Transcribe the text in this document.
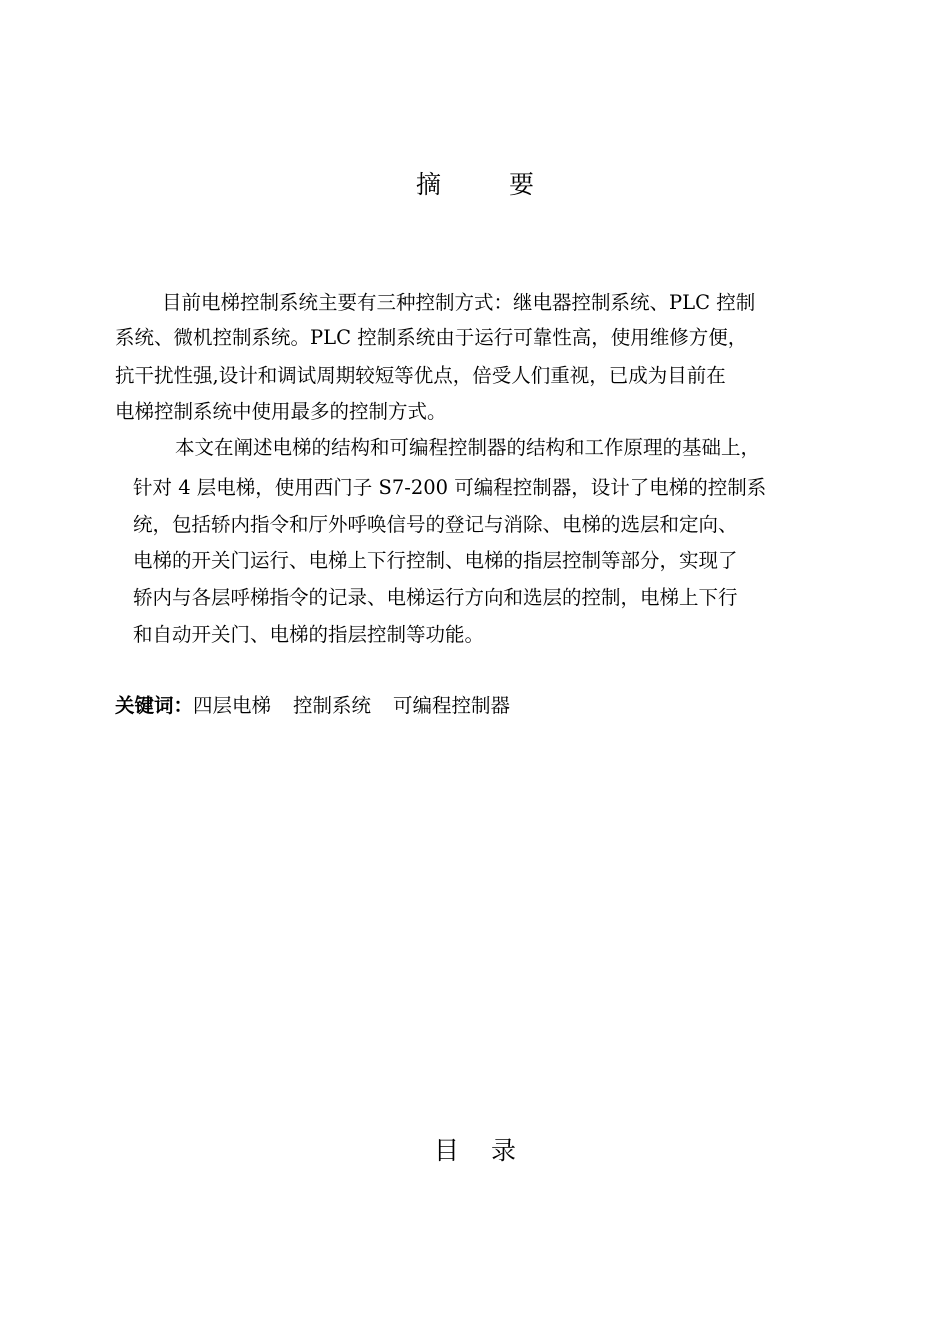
摘 要
目前电梯控制系统主要有三种控制方式：继电器控制系统、PLC 控制
系统、微机控制系统。PLC 控制系统由于运行可靠性高，使用维修方便，
抗干扰性强,设计和调试周期较短等优点，倍受人们重视，已成为目前在
电梯控制系统中使用最多的控制方式。
本文在阐述电梯的结构和可编程控制器的结构和工作原理的基础上，
针对 4 层电梯，使用西门子 S7-200 可编程控制器，设计了电梯的控制系
统，包括轿内指令和厅外呼唤信号的登记与消除、电梯的选层和定向、
电梯的开关门运行、电梯上下行控制、电梯的指层控制等部分，实现了
轿内与各层呼梯指令的记录、电梯运行方向和选层的控制，电梯上下行
和自动开关门、电梯的指层控制等功能。
关键词：四层电梯 控制系统 可编程控制器
目 录
